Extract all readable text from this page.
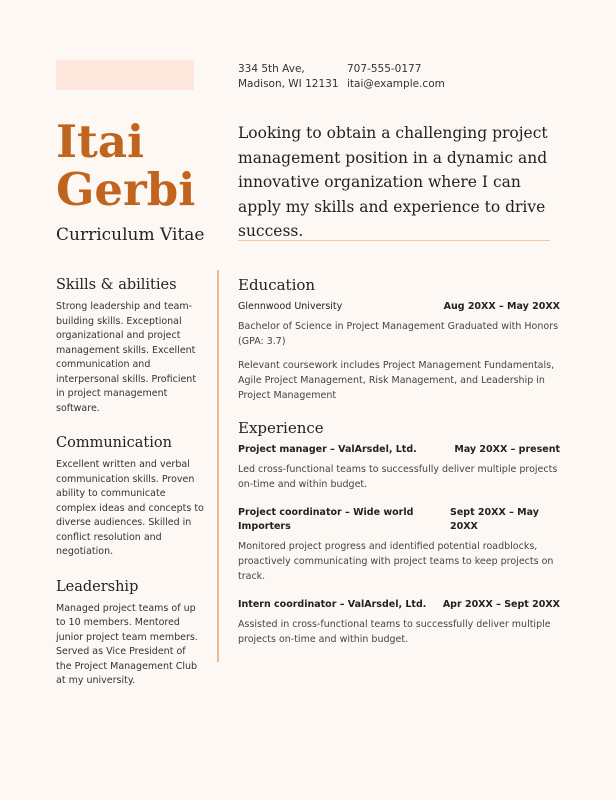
334 5th Ave,
Madison, WI 12131
707-555-0177
itai@example.com
Itai
Gerbi
Curriculum Vitae
Looking to obtain a challenging project management position in a dynamic and innovative organization where I can apply my skills and experience to drive success.
Skills & abilities

Strong leadership and team-building skills. Exceptional organizational and project management skills. Excellent communication and interpersonal skills. Proficient in project management software.

Communication

Excellent written and verbal communication skills. Proven ability to communicate complex ideas and concepts to diverse audiences. Skilled in conflict resolution and negotiation.

Leadership

Managed project teams of up to 10 members. Mentored junior project team members. Served as Vice President of the Project Management Club at my university.

Education
Glennwood University	Aug 20XX – May 20XX

Bachelor of Science in Project Management Graduated with Honors (GPA: 3.7)

Relevant coursework includes Project Management Fundamentals, Agile Project Management, Risk Management, and Leadership in Project Management

Experience
Project manager – ValArsdel, Ltd.	May 20XX – present

Led cross-functional teams to successfully deliver multiple projects on-time and within budget.

Project coordinator – Wide world Importers
Sept 20XX – May 20XX

Monitored project progress and identified potential roadblocks, proactively communicating with project teams to keep projects on track.

Intern coordinator – ValArsdel, Ltd. Apr 20XX – Sept 20XX

Assisted in cross-functional teams to successfully deliver multiple projects on-time and within budget.
